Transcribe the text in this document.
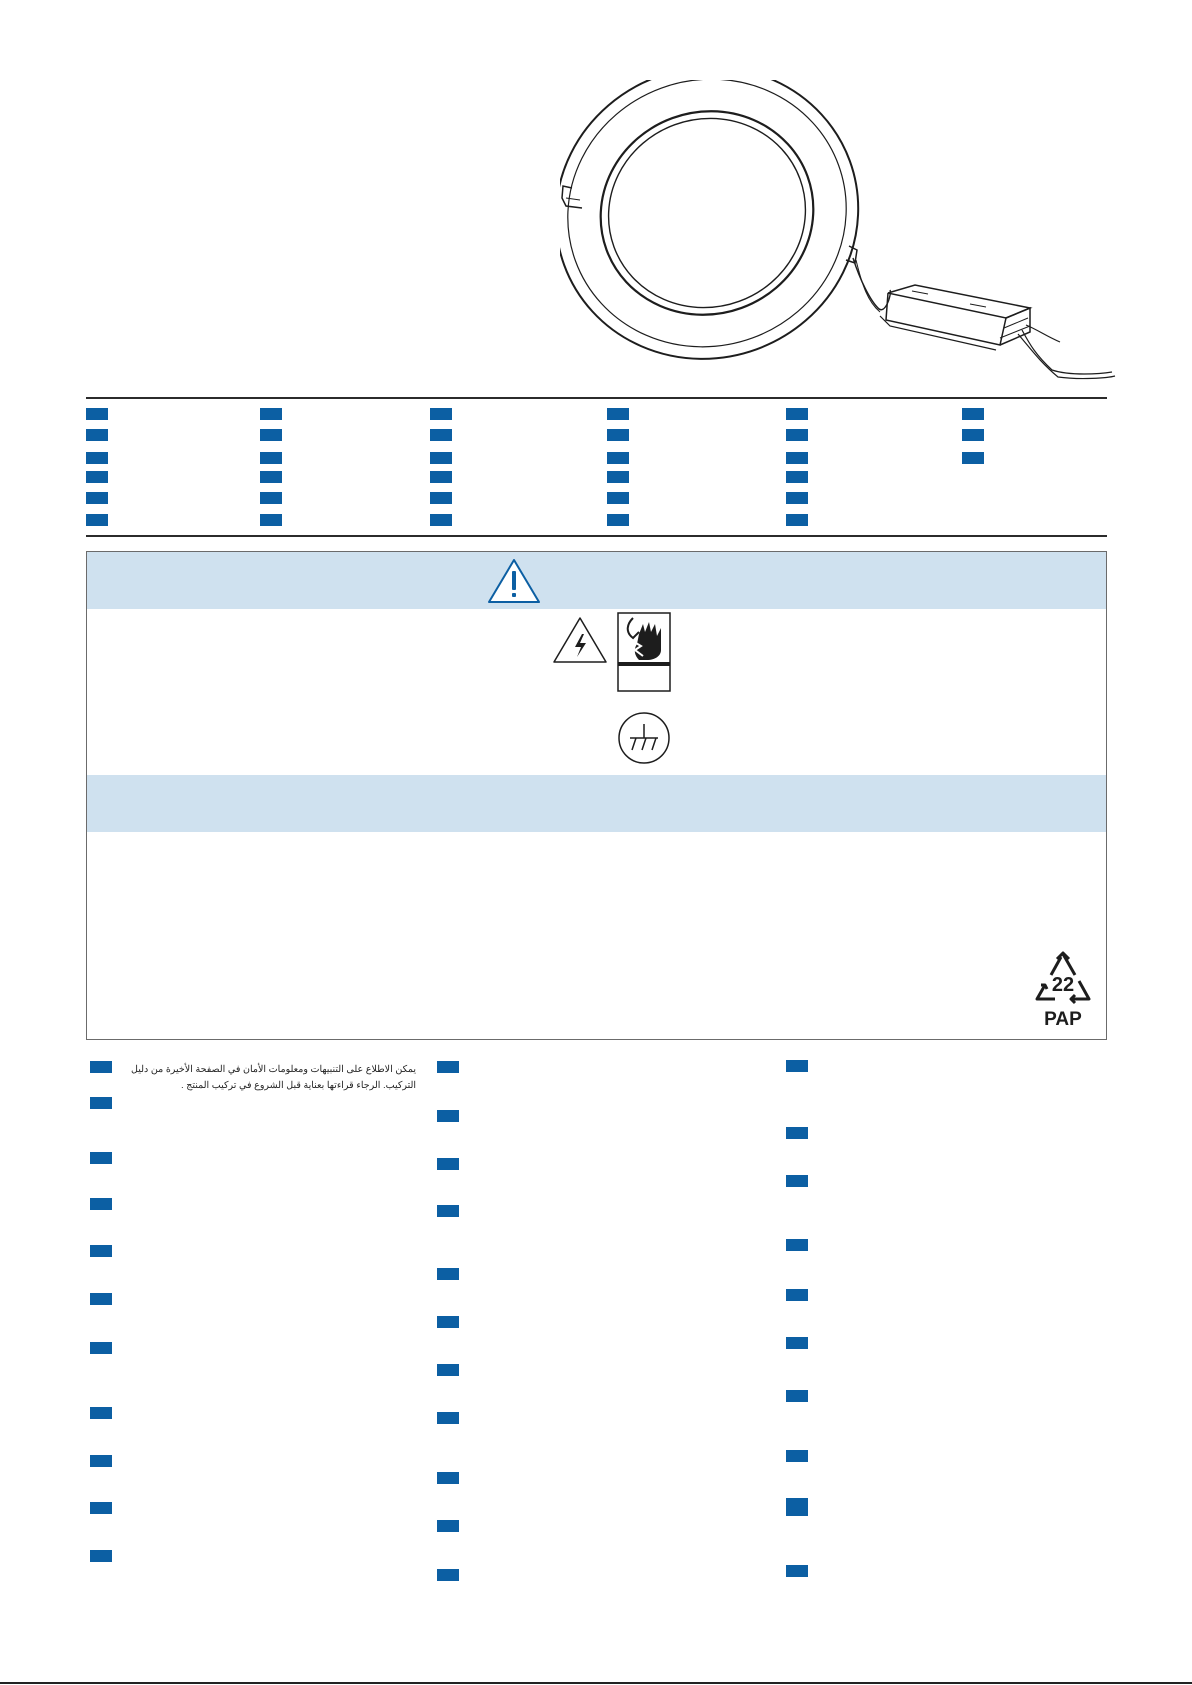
22
PAP
يمكن الاطلاع على التنبيهات ومعلومات الأمان في الصفحة الأخيرة من دليل التركيب. الرجاء قراءتها بعناية قبل الشروع في تركيب المنتج .
